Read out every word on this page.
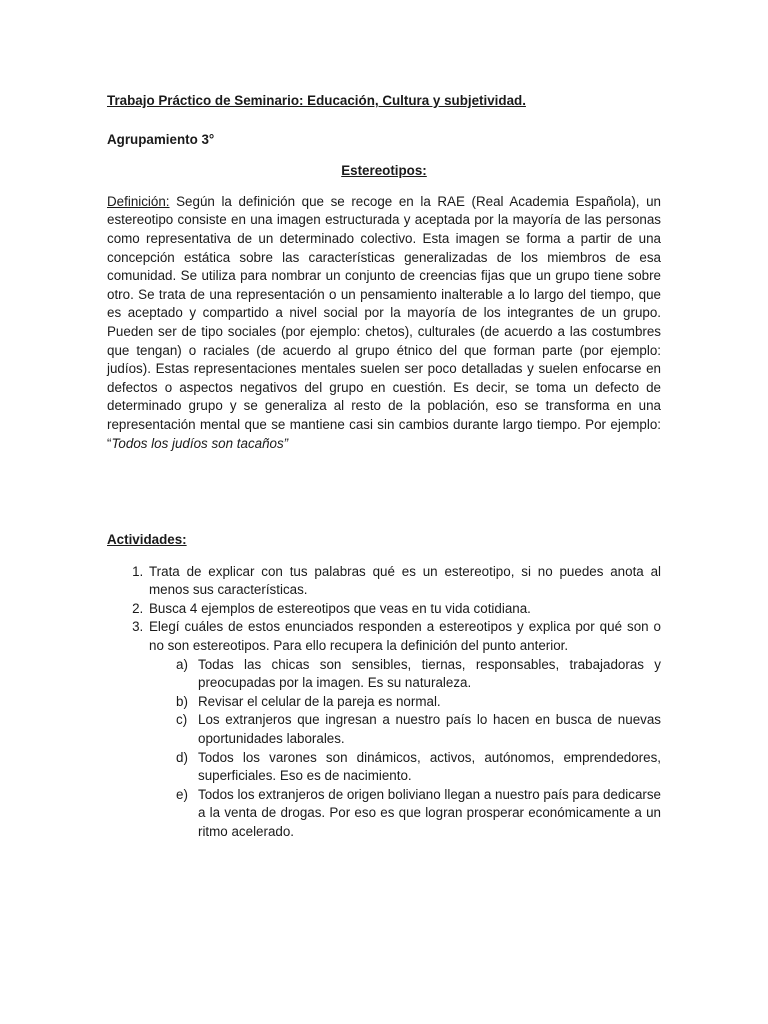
Trabajo Práctico de Seminario: Educación, Cultura y subjetividad.

Agrupamiento 3°

Estereotipos:

Definición: Según la definición que se recoge en la RAE (Real Academia Española), un estereotipo consiste en una imagen estructurada y aceptada por la mayoría de las personas como representativa de un determinado colectivo. Esta imagen se forma a partir de una concepción estática sobre las características generalizadas de los miembros de esa comunidad. Se utiliza para nombrar un conjunto de creencias fijas que un grupo tiene sobre otro. Se trata de una representación o un pensamiento inalterable a lo largo del tiempo, que es aceptado y compartido a nivel social por la mayoría de los integrantes de un grupo. Pueden ser de tipo sociales (por ejemplo: chetos), culturales (de acuerdo a las costumbres que tengan) o raciales (de acuerdo al grupo étnico del que forman parte (por ejemplo: judíos). Estas representaciones mentales suelen ser poco detalladas y suelen enfocarse en defectos o aspectos negativos del grupo en cuestión. Es decir, se toma un defecto de determinado grupo y se generaliza al resto de la población, eso se transforma en una representación mental que se mantiene casi sin cambios durante largo tiempo. Por ejemplo: “Todos los judíos son tacaños”

Actividades:

1. Trata de explicar con tus palabras qué es un estereotipo, si no puedes anota al menos sus características.
2. Busca 4 ejemplos de estereotipos que veas en tu vida cotidiana.
3. Elegí cuáles de estos enunciados responden a estereotipos y explica por qué son o no son estereotipos. Para ello recupera la definición del punto anterior.
a) Todas las chicas son sensibles, tiernas, responsables, trabajadoras y preocupadas por la imagen. Es su naturaleza.
b) Revisar el celular de la pareja es normal.
c) Los extranjeros que ingresan a nuestro país lo hacen en busca de nuevas oportunidades laborales.
d) Todos los varones son dinámicos, activos, autónomos, emprendedores, superficiales. Eso es de nacimiento.
e) Todos los extranjeros de origen boliviano llegan a nuestro país para dedicarse a la venta de drogas. Por eso es que logran prosperar económicamente a un ritmo acelerado.
